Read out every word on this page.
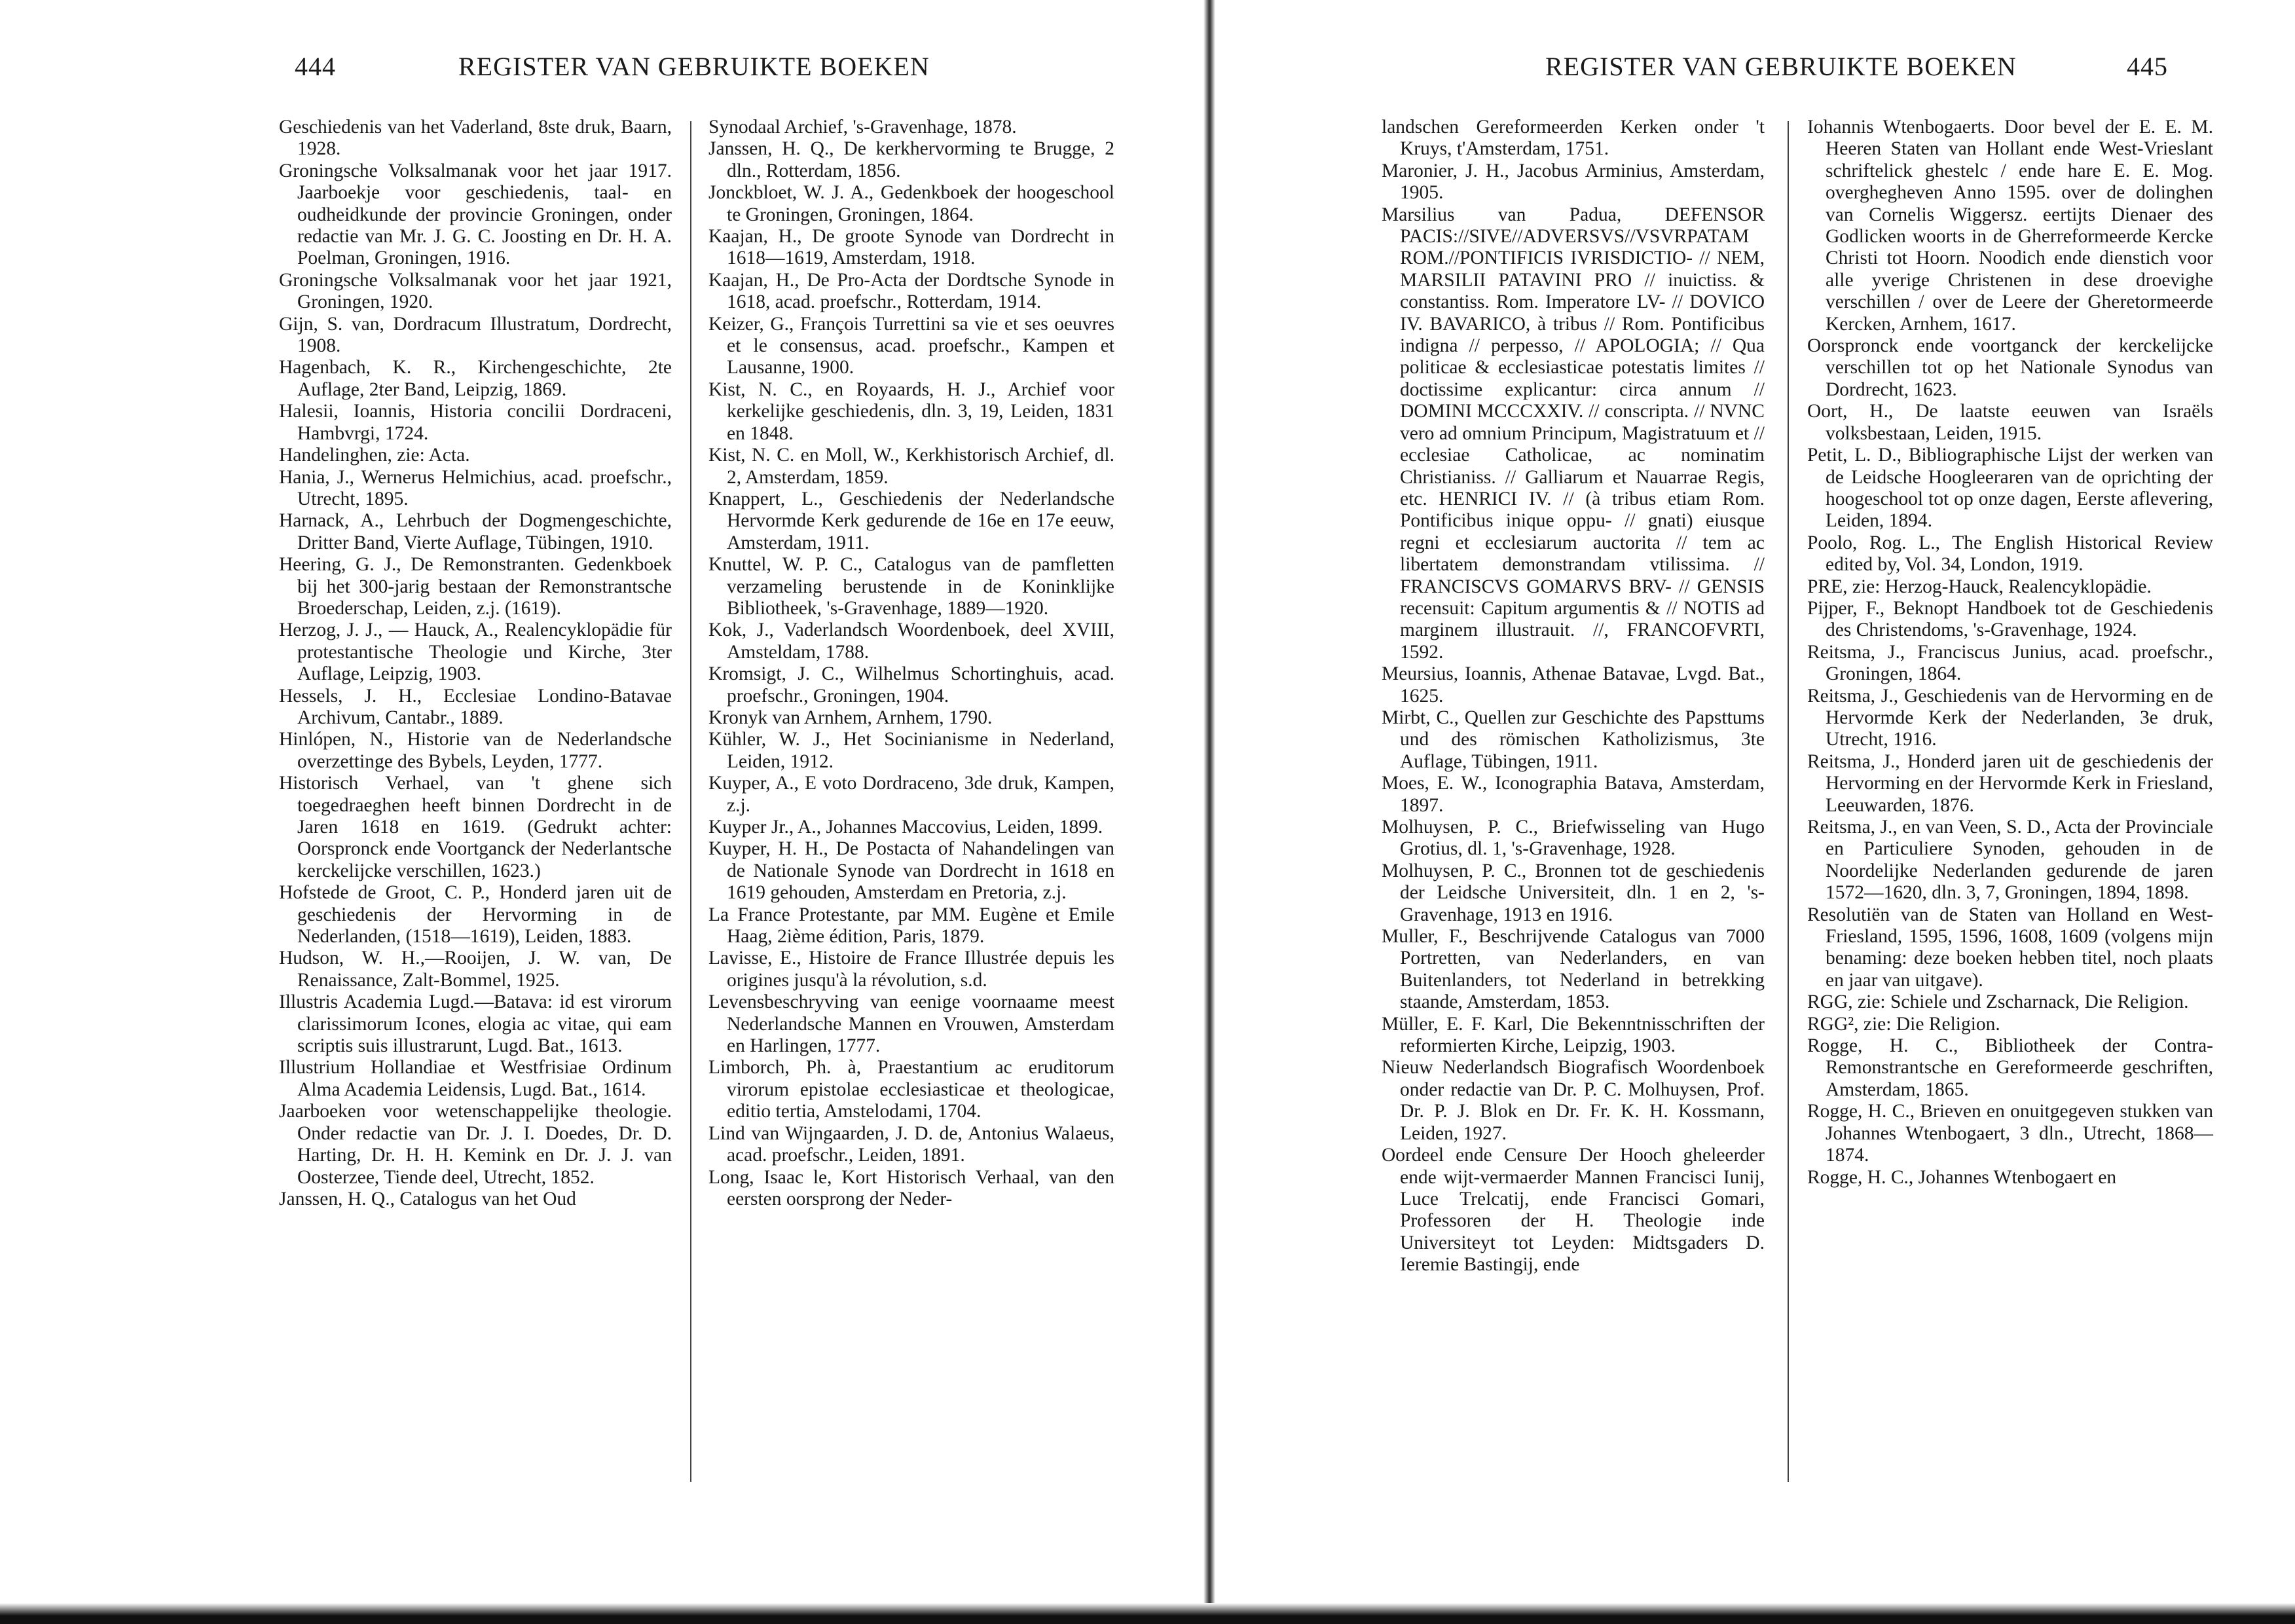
444	REGISTER VAN GEBRUIKTE BOEKEN

Geschiedenis van het Vaderland, 8ste druk, Baarn, 1928.

Groningsche Volksalmanak voor het jaar 1917. Jaarboekje voor geschiedenis, taal- en oudheidkunde der provincie Groningen, onder redactie van Mr. J. G. C. Joosting en Dr. H. A. Poelman, Groningen, 1916.

Groningsche Volksalmanak voor het jaar 1921, Groningen, 1920.

Gijn, S. van, Dordracum Illustratum, Dordrecht, 1908.

Hagenbach, K. R., Kirchengeschichte, 2te Auflage, 2ter Band, Leipzig, 1869.

Halesii, Ioannis, Historia concilii Dordraceni, Hambvrgi, 1724.

Handelinghen, zie: Acta.

Hania, J., Wernerus Helmichius, acad. proefschr., Utrecht, 1895.

Harnack, A., Lehrbuch der Dogmengeschichte, Dritter Band, Vierte Auflage, Tübingen, 1910.

Heering, G. J., De Remonstranten. Gedenkboek bij het 300-jarig bestaan der Remonstrantsche Broederschap, Leiden, z.j. (1619).

Herzog, J. J., — Hauck, A., Realencyklopädie für protestantische Theologie und Kirche, 3ter Auflage, Leipzig, 1903.

Hessels, J. H., Ecclesiae Londino-Batavae Archivum, Cantabr., 1889.

Hinlópen, N., Historie van de Nederlandsche overzettinge des Bybels, Leyden, 1777.

Historisch Verhael, van 't ghene sich toegedraeghen heeft binnen Dordrecht in de Jaren 1618 en 1619. (Gedrukt achter: Oorspronck ende Voortganck der Nederlantsche kerckelijcke verschillen, 1623.)

Hofstede de Groot, C. P., Honderd jaren uit de geschiedenis der Hervorming in de Nederlanden, (1518—1619), Leiden, 1883.

Hudson, W. H.,—Rooijen, J. W. van, De Renaissance, Zalt-Bommel, 1925.

Illustris Academia Lugd.—Batava: id est virorum clarissimorum Icones, elogia ac vitae, qui eam scriptis suis illustrarunt, Lugd. Bat., 1613.

Illustrium Hollandiae et Westfrisiae Ordinum Alma Academia Leidensis, Lugd. Bat., 1614.

Jaarboeken voor wetenschappelijke theologie. Onder redactie van Dr. J. I. Doedes, Dr. D. Harting, Dr. H. H. Kemink en Dr. J. J. van Oosterzee, Tiende deel, Utrecht, 1852.

Janssen, H. Q., Catalogus van het Oud

Synodaal Archief, 's-Gravenhage, 1878.

Janssen, H. Q., De kerkhervorming te Brugge, 2 dln., Rotterdam, 1856.

Jonckbloet, W. J. A., Gedenkboek der hoogeschool te Groningen, Groningen, 1864.

Kaajan, H., De groote Synode van Dordrecht in 1618—1619, Amsterdam, 1918.

Kaajan, H., De Pro-Acta der Dordtsche Synode in 1618, acad. proefschr., Rotterdam, 1914.

Keizer, G., François Turrettini sa vie et ses oeuvres et le consensus, acad. proefschr., Kampen et Lausanne, 1900.

Kist, N. C., en Royaards, H. J., Archief voor kerkelijke geschiedenis, dln. 3, 19, Leiden, 1831 en 1848.

Kist, N. C. en Moll, W., Kerkhistorisch Archief, dl. 2, Amsterdam, 1859.

Knappert, L., Geschiedenis der Nederlandsche Hervormde Kerk gedurende de 16e en 17e eeuw, Amsterdam, 1911.

Knuttel, W. P. C., Catalogus van de pamfletten verzameling berustende in de Koninklijke Bibliotheek, 's-Gravenhage, 1889—1920.

Kok, J., Vaderlandsch Woordenboek, deel XVIII, Amsteldam, 1788.

Kromsigt, J. C., Wilhelmus Schortinghuis, acad. proefschr., Groningen, 1904.

Kronyk van Arnhem, Arnhem, 1790.

Kühler, W. J., Het Socinianisme in Nederland, Leiden, 1912.

Kuyper, A., E voto Dordraceno, 3de druk, Kampen, z.j.

Kuyper Jr., A., Johannes Maccovius, Leiden, 1899.

Kuyper, H. H., De Postacta of Nahandelingen van de Nationale Synode van Dordrecht in 1618 en 1619 gehouden, Amsterdam en Pretoria, z.j.

La France Protestante, par MM. Eugène et Emile Haag, 2ième édition, Paris, 1879.

Lavisse, E., Histoire de France Illustrée depuis les origines jusqu'à la révolution, s.d.

Levensbeschryving van eenige voornaame meest Nederlandsche Mannen en Vrouwen, Amsterdam en Harlingen, 1777.

Limborch, Ph. à, Praestantium ac eruditorum virorum epistolae ecclesiasticae et theologicae, editio tertia, Amstelodami, 1704.

Lind van Wijngaarden, J. D. de, Antonius Walaeus, acad. proefschr., Leiden, 1891.

Long, Isaac le, Kort Historisch Verhaal, van den eersten oorsprong der Neder-

REGISTER VAN GEBRUIKTE BOEKEN	445

landschen Gereformeerden Kerken onder 't Kruys, t'Amsterdam, 1751.

Maronier, J. H., Jacobus Arminius, Amsterdam, 1905.

Marsilius van Padua, DEFENSOR PACIS://SIVE//ADVERSVS//VSVRPATAM ROM.//PONTIFICIS IVRISDICTIO- // NEM, MARSILII PATAVINI PRO // inuictiss. & constantiss. Rom. Imperatore LV- // DOVICO IV. BAVARICO, à tribus // Rom. Pontificibus indigna // perpesso, // APOLOGIA; // Qua politicae & ecclesiasticae potestatis limites // doctissime explicantur: circa annum // DOMINI MCCCXXIV. // conscripta. // NVNC vero ad omnium Principum, Magistratuum et // ecclesiae Catholicae, ac nominatim Christianiss. // Galliarum et Nauarrae Regis, etc. HENRICI IV. // (à tribus etiam Rom. Pontificibus inique oppu- // gnati) eiusque regni et ecclesiarum auctorita // tem ac libertatem demonstrandam vtilissima. // FRANCISCVS GOMARVS BRV- // GENSIS recensuit: Capitum argumentis & // NOTIS ad marginem illustrauit. //, FRANCOFVRTI, 1592.

Meursius, Ioannis, Athenae Batavae, Lvgd. Bat., 1625.

Mirbt, C., Quellen zur Geschichte des Papsttums und des römischen Katholizismus, 3te Auflage, Tübingen, 1911.

Moes, E. W., Iconographia Batava, Amsterdam, 1897.

Molhuysen, P. C., Briefwisseling van Hugo Grotius, dl. 1, 's-Gravenhage, 1928.

Molhuysen, P. C., Bronnen tot de geschiedenis der Leidsche Universiteit, dln. 1 en 2, 's-Gravenhage, 1913 en 1916.

Muller, F., Beschrijvende Catalogus van 7000 Portretten, van Nederlanders, en van Buitenlanders, tot Nederland in betrekking staande, Amsterdam, 1853.

Müller, E. F. Karl, Die Bekenntnisschriften der reformierten Kirche, Leipzig, 1903.

Nieuw Nederlandsch Biografisch Woordenboek onder redactie van Dr. P. C. Molhuysen, Prof. Dr. P. J. Blok en Dr. Fr. K. H. Kossmann, Leiden, 1927.

Oordeel ende Censure Der Hooch gheleerder ende wijt-vermaerder Mannen Francisci Iunij, Luce Trelcatij, ende Francisci Gomari, Professoren der H. Theologie inde Universiteyt tot Leyden: Midtsgaders D. Ieremie Bastingij, ende

Iohannis Wtenbogaerts. Door bevel der E. E. M. Heeren Staten van Hollant ende West-Vrieslant schriftelick ghestelc / ende hare E. E. Mog. overghegheven Anno 1595. over de dolinghen van Cornelis Wiggersz. eertijts Dienaer des Godlicken woorts in de Gherreformeerde Kercke Christi tot Hoorn. Noodich ende dienstich voor alle yverige Christenen in dese droevighe verschillen / over de Leere der Gheretormeerde Kercken, Arnhem, 1617.

Oorspronck ende voortganck der kerckelijcke verschillen tot op het Nationale Synodus van Dordrecht, 1623.

Oort, H., De laatste eeuwen van Israëls volksbestaan, Leiden, 1915.

Petit, L. D., Bibliographische Lijst der werken van de Leidsche Hoogleeraren van de oprichting der hoogeschool tot op onze dagen, Eerste aflevering, Leiden, 1894.

Poolo, Rog. L., The English Historical Review edited by, Vol. 34, London, 1919.

PRE, zie: Herzog-Hauck, Realencyklopädie.

Pijper, F., Beknopt Handboek tot de Geschiedenis des Christendoms, 's-Gravenhage, 1924.

Reitsma, J., Franciscus Junius, acad. proefschr., Groningen, 1864.

Reitsma, J., Geschiedenis van de Hervorming en de Hervormde Kerk der Nederlanden, 3e druk, Utrecht, 1916.

Reitsma, J., Honderd jaren uit de geschiedenis der Hervorming en der Hervormde Kerk in Friesland, Leeuwarden, 1876.

Reitsma, J., en van Veen, S. D., Acta der Provinciale en Particuliere Synoden, gehouden in de Noordelijke Nederlanden gedurende de jaren 1572—1620, dln. 3, 7, Groningen, 1894, 1898.

Resolutiën van de Staten van Holland en West-Friesland, 1595, 1596, 1608, 1609 (volgens mijn benaming: deze boeken hebben titel, noch plaats en jaar van uitgave).

RGG, zie: Schiele und Zscharnack, Die Religion.

RGG², zie: Die Religion.

Rogge, H. C., Bibliotheek der Contra-Remonstrantsche en Gereformeerde geschriften, Amsterdam, 1865.

Rogge, H. C., Brieven en onuitgegeven stukken van Johannes Wtenbogaert, 3 dln., Utrecht, 1868—1874.

Rogge, H. C., Johannes Wtenbogaert en
